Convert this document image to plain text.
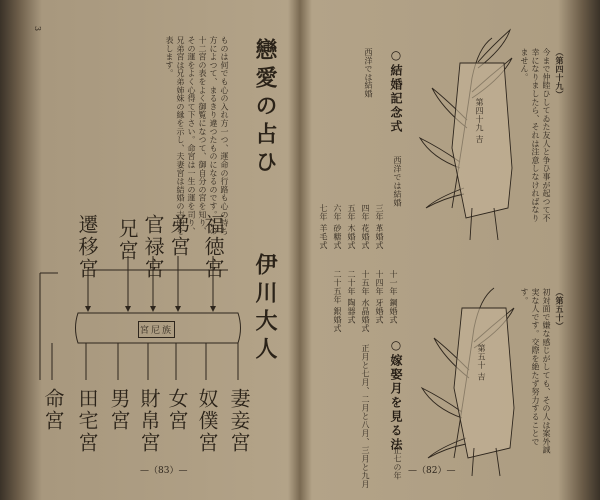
3
ものは何でも心の入れ方一つ、運命の行路も心の持ち方によつて、まるきり違つたものになるのです。この十二宮の表をよく御覧になつて、御自分の宮を知り、その運をよく心得て下さい。命宮は一生の運を司り、兄弟宮は兄弟姉妹の縁を示し、夫妻宮は結婚の吉凶を表します。	戀愛の占ひ
伊川大人
福徳宮
弟宮
官禄宮
兄宮
遷移宮
宮尼族
妻妾宮
奴僕宮
女宮
財帛宮
男宮
田宅宮
命宮
—（83）—
○結婚記念式
西洋では結婚
三年 革婚式
四年 花婚式
五年 木婚式
六年 砂糖式
七年 羊毛式
十四年 牙婚式
十五年 水晶婚式
二十年 陶器式
二十五年 銀婚式	十一年 鋼婚式
西洋では結婚
○嫁娶月を見る法
正七の年
正月と七月、二月と八月、三月と九月
第四十九 吉
第五十 吉
（第四十九）
今まで仲睦ひしてゐた友人と争ひ事が起つて不幸になりましたら、それは注意しなければなりません。
（第五十）
初対面で嫌な感じがしても、その人は案外誠実な人です。交際を絶たず努力することです。
—（82）—
